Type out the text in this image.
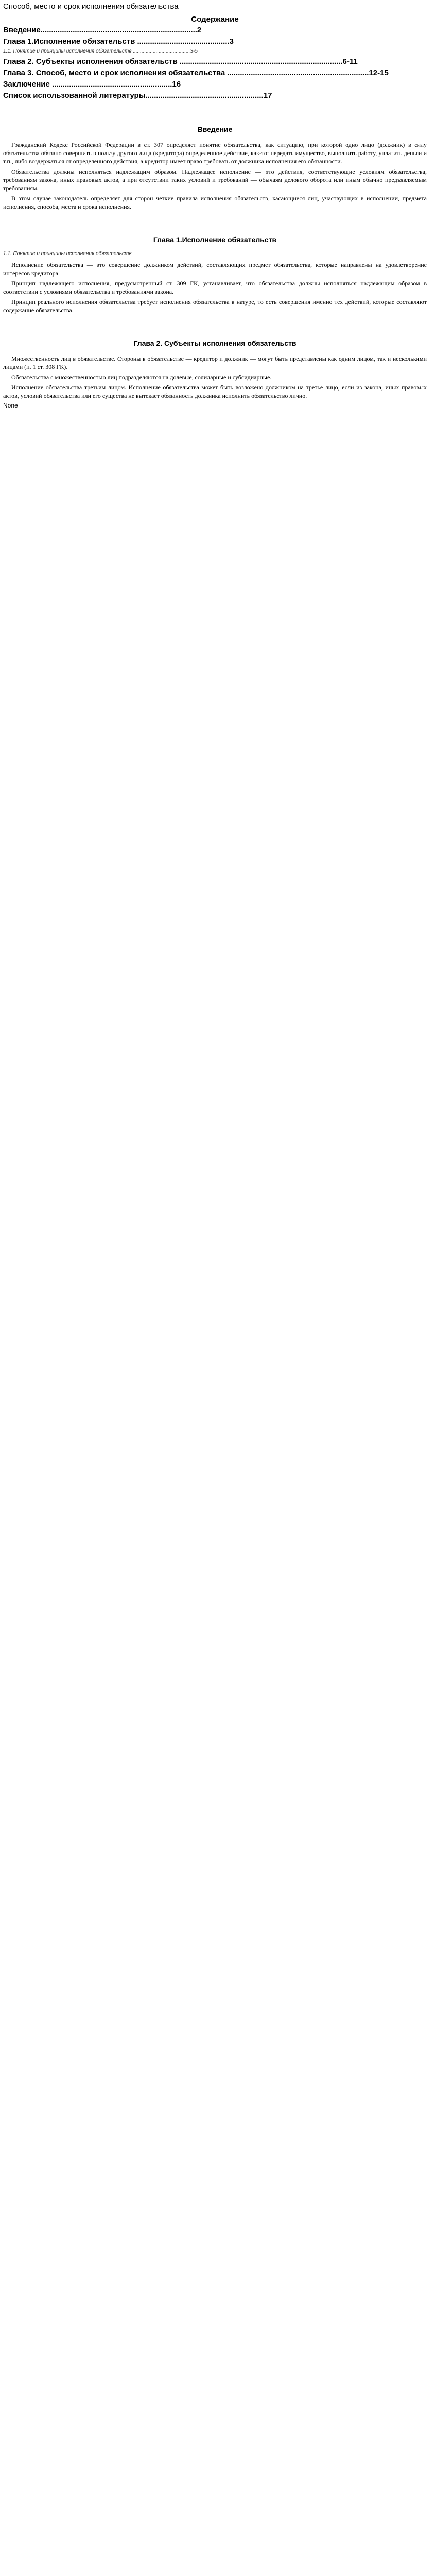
Способ, место и срок исполнения обязательства
Содержание
Введение.........................................................................2
Глава 1.Исполнение обязательств ...........................................3
1.1. Понятие и принципы исполнения обязательств ........................................3-5
Глава 2. Субъекты исполнения обязательств ............................................................................6-11
Глава 3. Способ, место и срок исполнения обязательства ..................................................................12-15
Заключение ........................................................16
Список использованной литературы.......................................................17
Введение

Гражданский Кодекс Российской Федерации в ст. 307 определяет понятие обязательства, как ситуацию, при которой одно лицо (должник) в силу обязательства обязано совершить в пользу другого лица (кредитора) определенное действие, как-то: передать имущество, выполнить работу, уплатить деньги и т.п., либо воздержаться от определенного действия, а кредитор имеет право требовать от должника исполнения его обязанности.

Обязательства должны исполняться надлежащим образом. Надлежащее исполнение — это действия, соответствующие условиям обязательства, требованиям закона, иных правовых актов, а при отсутствии таких условий и требований — обычаям делового оборота или иным обычно предъявляемым требованиям.

В этом случае законодатель определяет для сторон четкие правила исполнения обязательств, касающиеся лиц, участвующих в исполнении, предмета исполнения, способа, места и срока исполнения.

Глава 1.Исполнение обязательств
1.1. Понятие и принципы исполнения обязательств

Исполнение обязательства — это совершение должником действий, составляющих предмет обязательства, которые направлены на удовлетворение интересов кредитора.

Принцип надлежащего исполнения, предусмотренный ст. 309 ГК, устанавливает, что обязательства должны исполняться надлежащим образом в соответствии с условиями обязательства и требованиями закона.

Принцип реального исполнения обязательства требует исполнения обязательства в натуре, то есть совершения именно тех действий, которые составляют содержание обязательства.

Глава 2. Субъекты исполнения обязательств

Множественность лиц в обязательстве. Стороны в обязательстве — кредитор и должник — могут быть представлены как одним лицом, так и несколькими лицами (п. 1 ст. 308 ГК).

Обязательства с множественностью лиц подразделяются на долевые, солидарные и субсидиарные.

Исполнение обязательства третьим лицом. Исполнение обязательства может быть возложено должником на третье лицо, если из закона, иных правовых актов, условий обязательства или его существа не вытекает обязанность должника исполнить обязательство лично.

None
